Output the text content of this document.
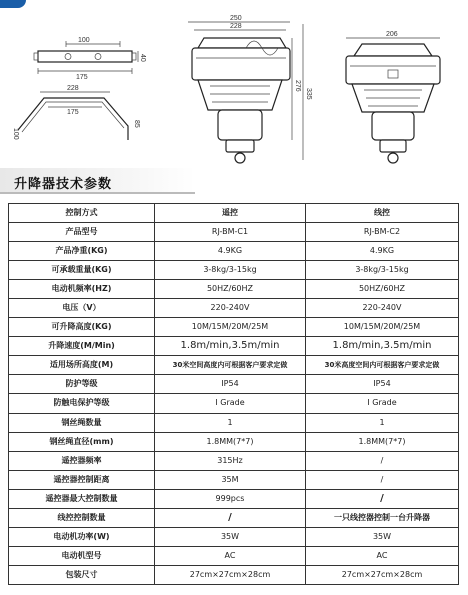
100
175
40
228
175
100
85
250
228
276
335
206
升降器技术参数
控制方式	遥控	线控
产品型号	RJ-BM-C1	RJ-BM-C2
产品净重(KG)	4.9KG	4.9KG
可承载重量(KG)	3-8kg/3-15kg	3-8kg/3-15kg
电动机频率(HZ)	50HZ/60HZ	50HZ/60HZ
电压（V）	220-240V	220-240V
可升降高度(KG)	10M/15M/20M/25M	10M/15M/20M/25M
升降速度(M/Min)	1.8m/min,3.5m/min	1.8m/min,3.5m/min
适用场所高度(M)	30米空间高度内可根据客户要求定做	30米高度空间内可根据客户要求定做
防护等级	IP54	IP54
防触电保护等级	I Grade	I Grade
钢丝绳数量	1	1
钢丝绳直径(mm)	1.8MM(7*7)	1.8MM(7*7)
遥控器频率	315Hz	/
遥控器控制距离	35M	/
遥控器最大控制数量	999pcs	/
线控控制数量	/	一只线控器控制一台升降器
电动机功率(W)	35W	35W
电动机型号	AC	AC
包装尺寸	27cm×27cm×28cm	27cm×27cm×28cm
